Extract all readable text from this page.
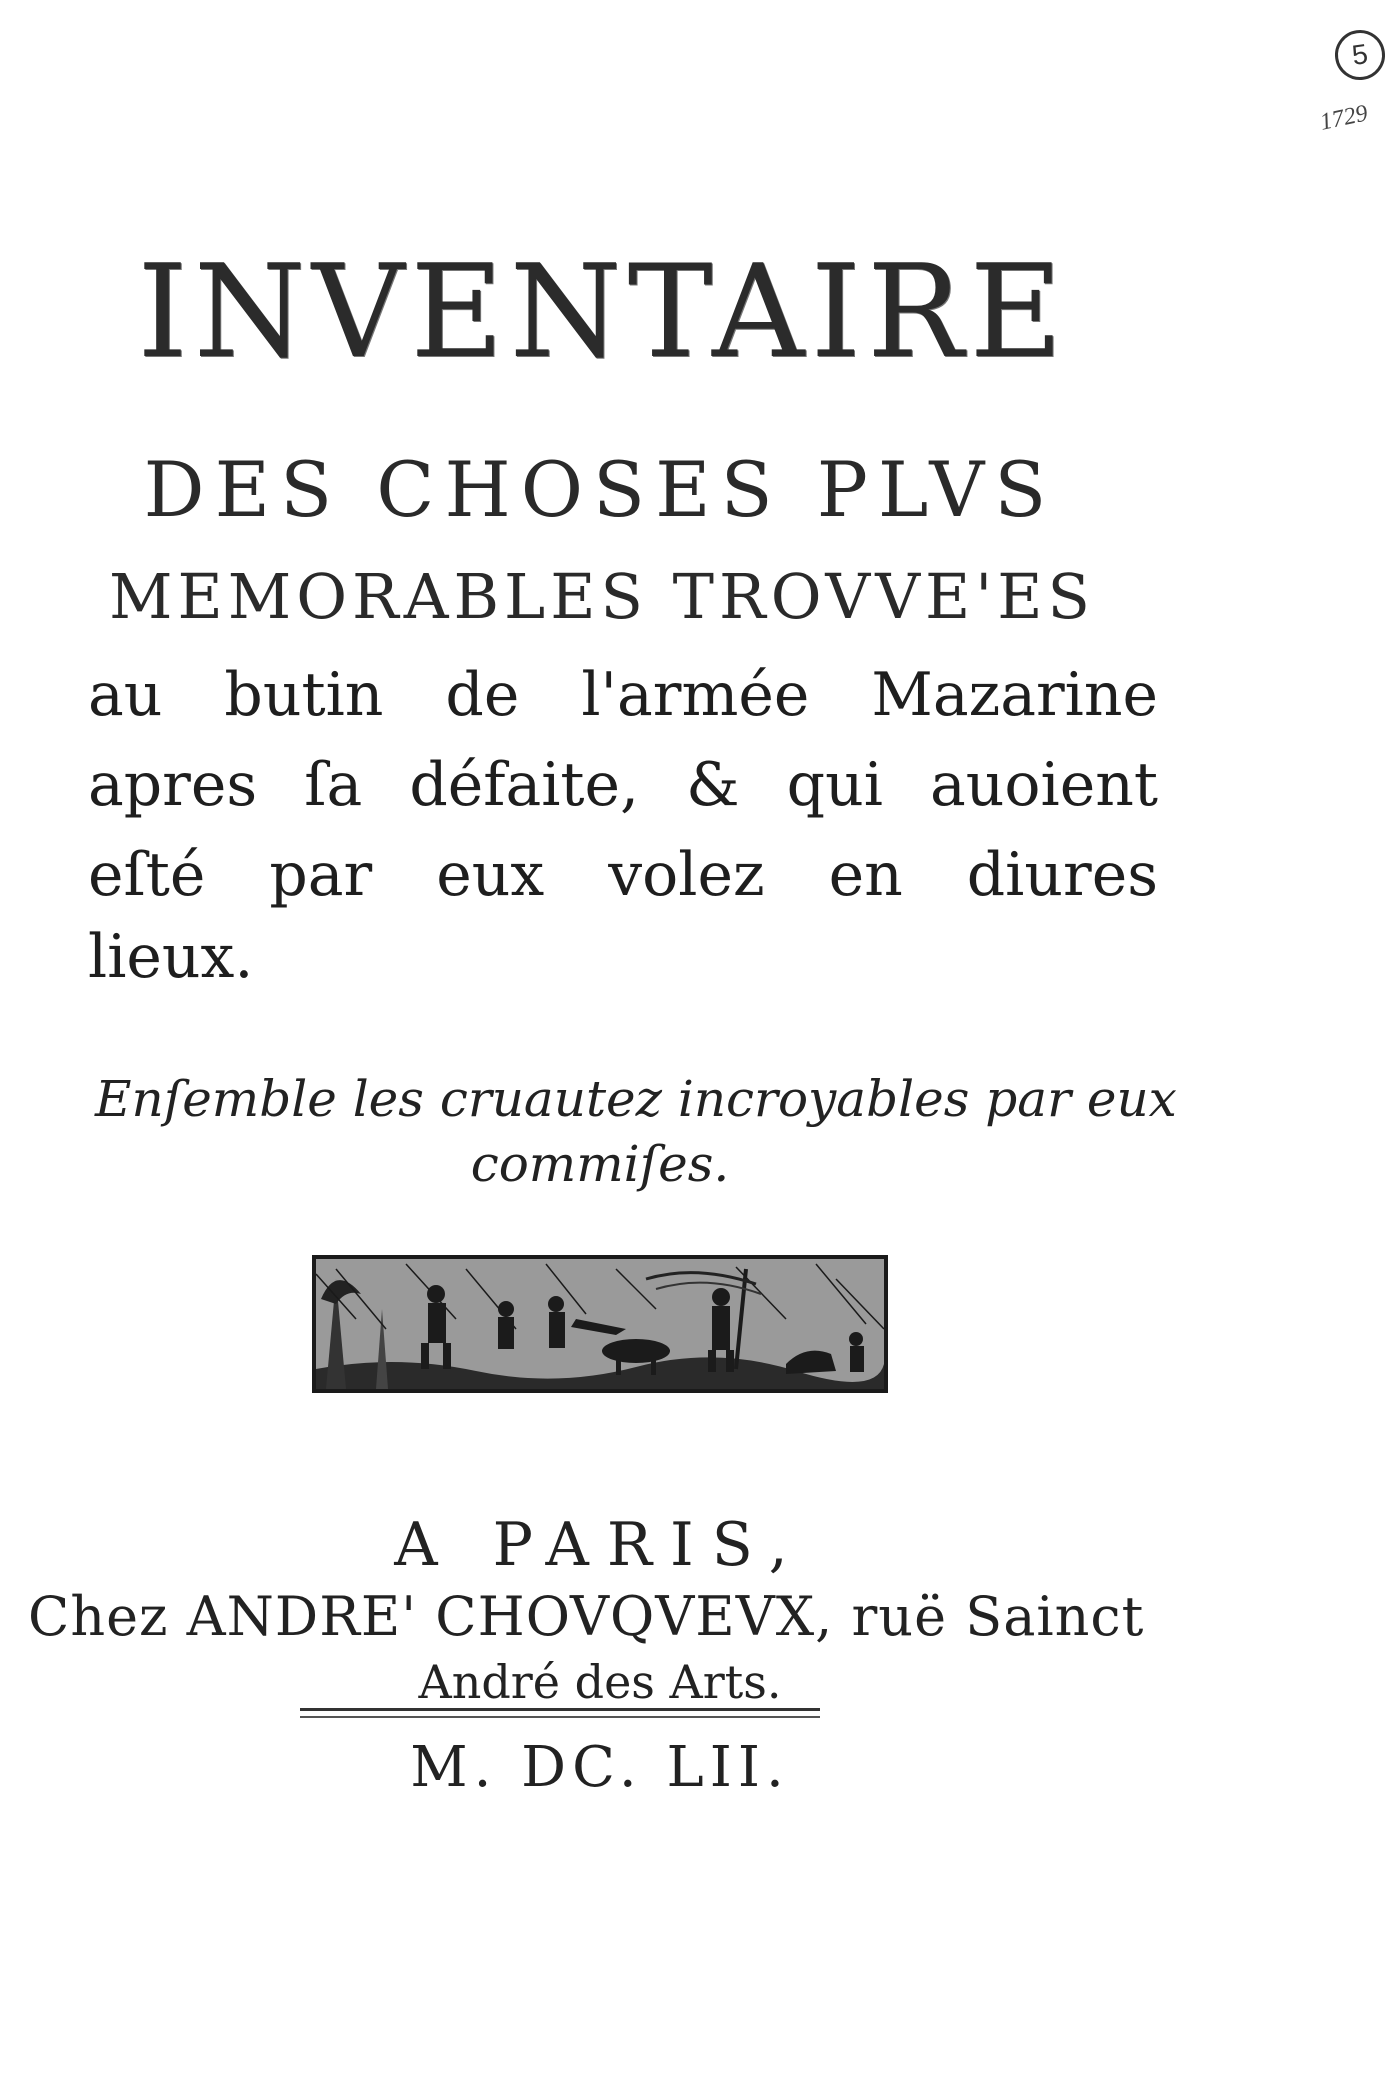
5
1729
INVENTAIRE
DES CHOSES PLVS
MEMORABLES TROVVE'ES
au butin de l'armée Mazarine
apres ſa défaite, & qui auoient
eſté par eux volez en diures
lieux.
Enſemble les cruautez incroyables par eux
commiſes.
A PARIS,
Chez ANDRE' CHOVQVEVX, ruë Sainct
André des Arts.
M. DC. LII.
